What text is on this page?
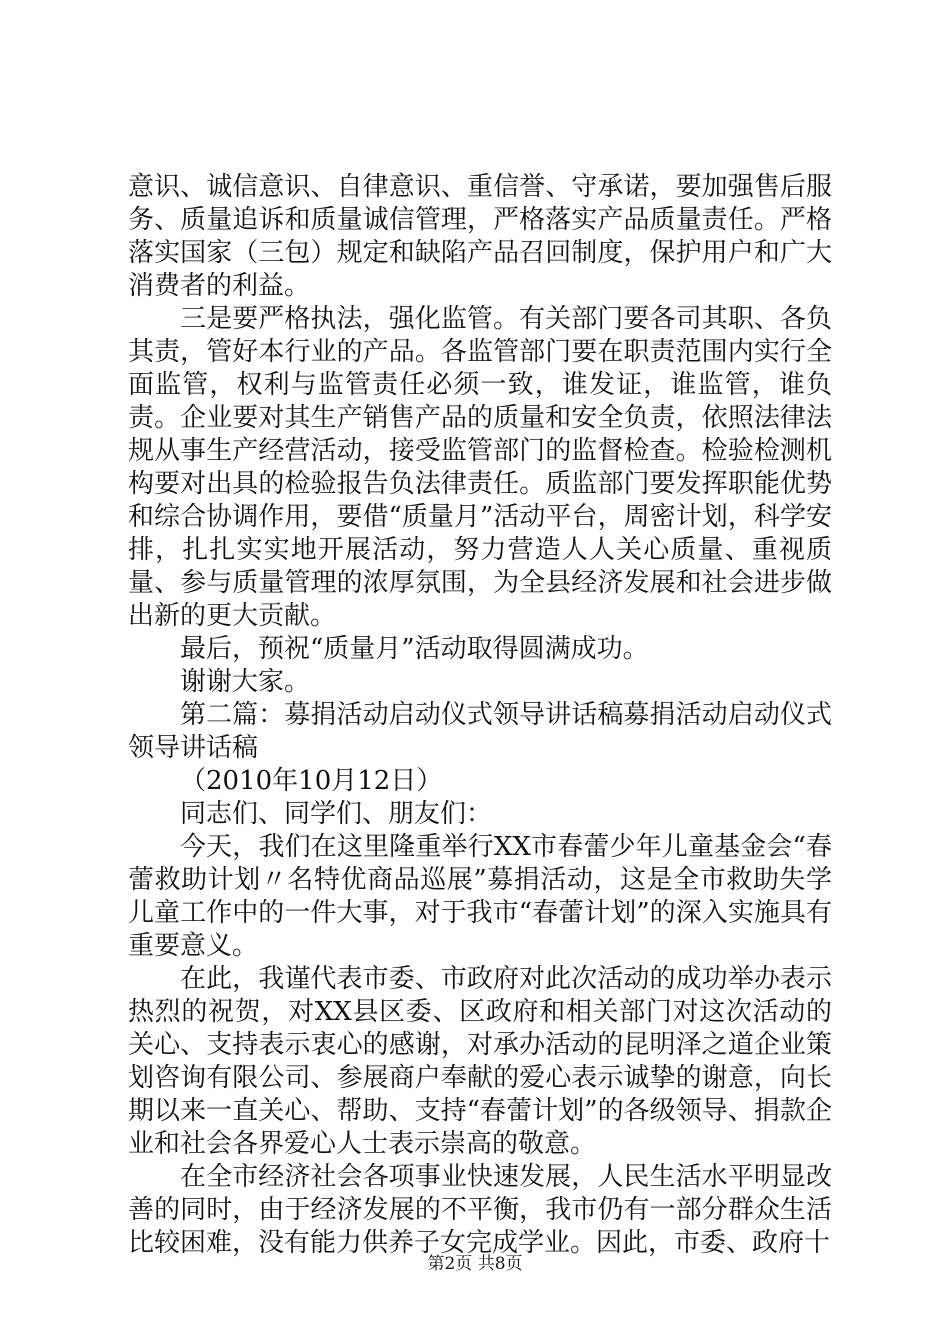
意识、诚信意识、自律意识、重信誉、守承诺，要加强售后服务、质量追诉和质量诚信管理，严格落实产品质量责任。严格落实国家（三包）规定和缺陷产品召回制度，保护用户和广大消费者的利益。

三是要严格执法，强化监管。有关部门要各司其职、各负其责，管好本行业的产品。各监管部门要在职责范围内实行全面监管，权利与监管责任必须一致，谁发证，谁监管，谁负责。企业要对其生产销售产品的质量和安全负责，依照法律法规从事生产经营活动，接受监管部门的监督检查。检验检测机构要对出具的检验报告负法律责任。质监部门要发挥职能优势和综合协调作用，要借“质量月”活动平台，周密计划，科学安排，扎扎实实地开展活动，努力营造人人关心质量、重视质量、参与质量管理的浓厚氛围，为全县经济发展和社会进步做出新的更大贡献。

最后，预祝“质量月”活动取得圆满成功。

谢谢大家。

第二篇：募捐活动启动仪式领导讲话稿募捐活动启动仪式领导讲话稿

（2010年10月12日）

同志们、同学们、朋友们：

今天，我们在这里隆重举行XX市春蕾少年儿童基金会“春蕾救助计划〃名特优商品巡展”募捐活动，这是全市救助失学儿童工作中的一件大事，对于我市“春蕾计划”的深入实施具有重要意义。

在此，我谨代表市委、市政府对此次活动的成功举办表示热烈的祝贺，对XX县区委、区政府和相关部门对这次活动的关心、支持表示衷心的感谢，对承办活动的昆明泽之道企业策划咨询有限公司、参展商户奉献的爱心表示诚挚的谢意，向长期以来一直关心、帮助、支持“春蕾计划”的各级领导、捐款企业和社会各界爱心人士表示崇高的敬意。

在全市经济社会各项事业快速发展，人民生活水平明显改善的同时，由于经济发展的不平衡，我市仍有一部分群众生活比较困难，没有能力供养子女完成学业。因此，市委、政府十

第2页 共8页
